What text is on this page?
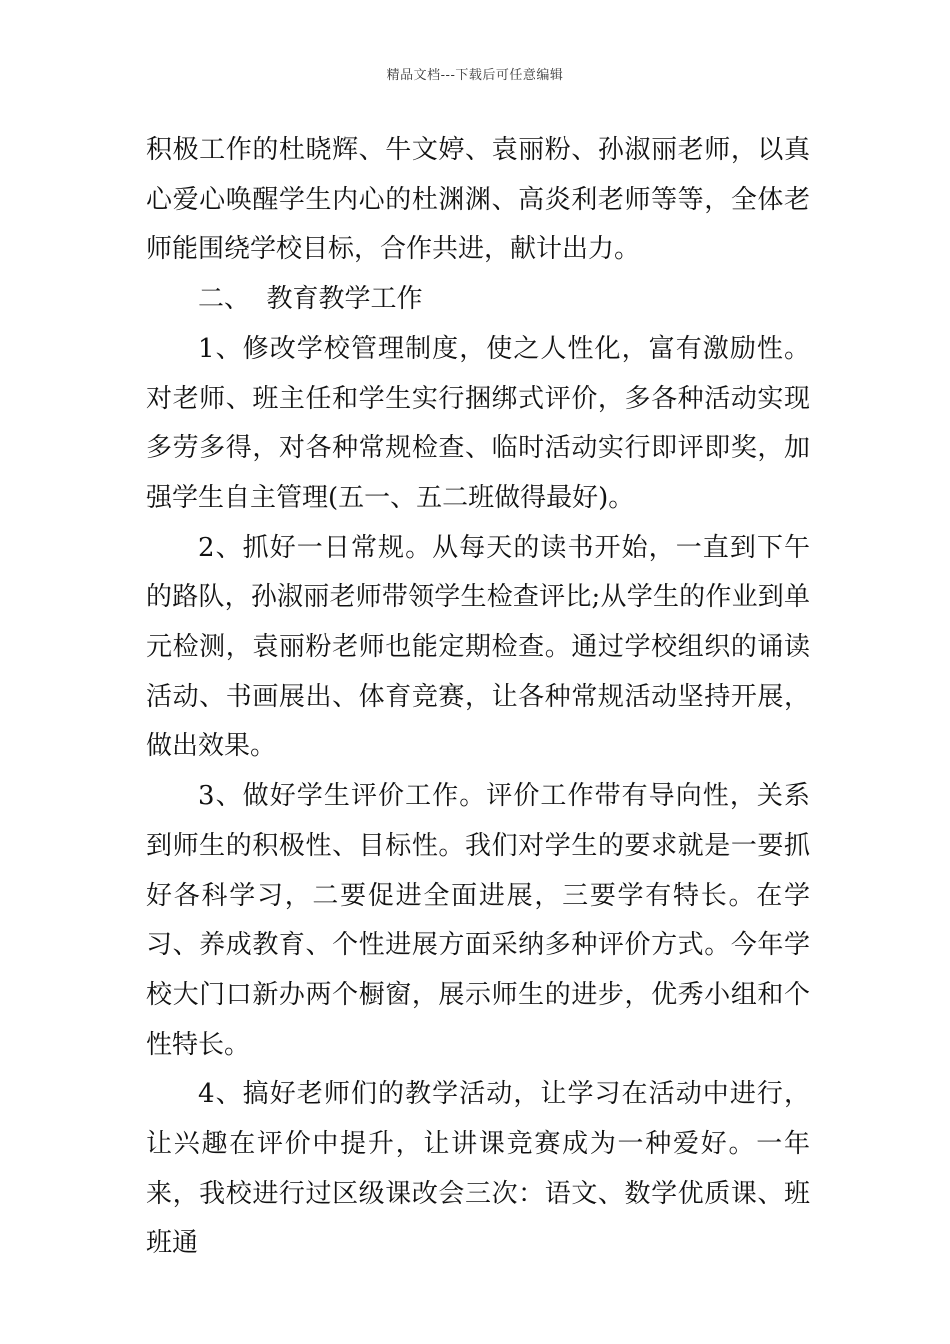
精品文档---下载后可任意编辑

积极工作的杜晓辉、牛文婷、袁丽粉、孙淑丽老师，以真心爱心唤醒学生内心的杜渊渊、高炎利老师等等，全体老师能围绕学校目标，合作共进，献计出力。

二、  教育教学工作

1、修改学校管理制度，使之人性化，富有激励性。对老师、班主任和学生实行捆绑式评价，多各种活动实现多劳多得，对各种常规检查、临时活动实行即评即奖，加强学生自主管理(五一、五二班做得最好)。

2、抓好一日常规。从每天的读书开始，一直到下午的路队，孙淑丽老师带领学生检查评比;从学生的作业到单元检测，袁丽粉老师也能定期检查。通过学校组织的诵读活动、书画展出、体育竞赛，让各种常规活动坚持开展，做出效果。

3、做好学生评价工作。评价工作带有导向性，关系到师生的积极性、目标性。我们对学生的要求就是一要抓好各科学习，二要促进全面进展，三要学有特长。在学习、养成教育、个性进展方面采纳多种评价方式。今年学校大门口新办两个橱窗，展示师生的进步，优秀小组和个性特长。

4、搞好老师们的教学活动，让学习在活动中进行，让兴趣在评价中提升，让讲课竞赛成为一种爱好。一年来，我校进行过区级课改会三次：语文、数学优质课、班班通
